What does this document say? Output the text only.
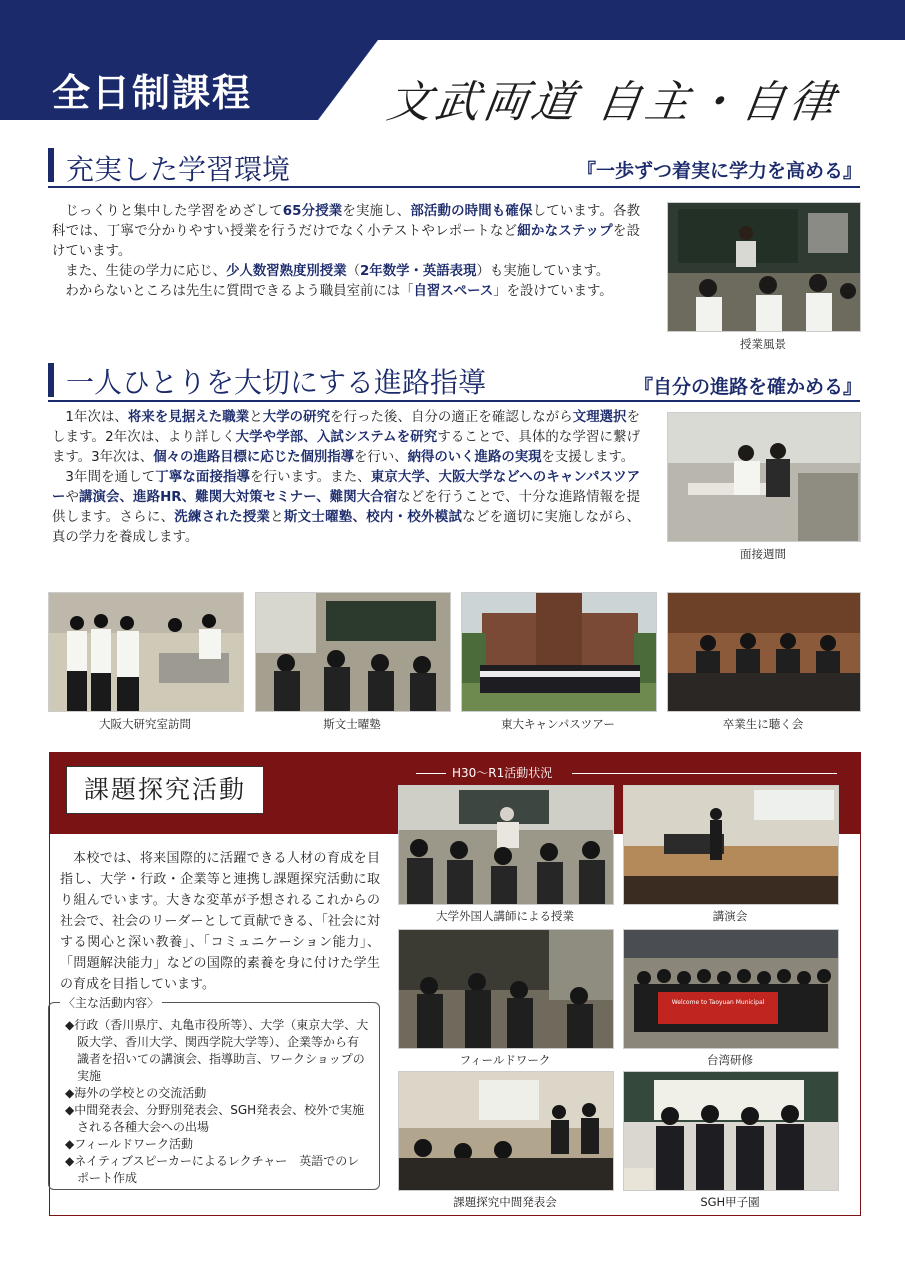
全日制課程	文武両道 自主・自律
充実した学習環境	『一歩ずつ着実に学力を高める』

じっくりと集中した学習をめざして65分授業を実施し、部活動の時間も確保しています。各教科では、丁寧で分かりやすい授業を行うだけでなく小テストやレポートなど細かなステップを設けています。

また、生徒の学力に応じ、少人数習熟度別授業（2年数学・英語表現）も実施しています。

わからないところは先生に質問できるよう職員室前には「自習スペース」を設けています。

授業風景
一人ひとりを大切にする進路指導	『自分の進路を確かめる』

1年次は、将来を見据えた職業と大学の研究を行った後、自分の適正を確認しながら文理選択をします。2年次は、より詳しく大学や学部、入試システムを研究することで、具体的な学習に繋げます。3年次は、個々の進路目標に応じた個別指導を行い、納得のいく進路の実現を支援します。

3年間を通して丁寧な面接指導を行います。また、東京大学、大阪大学などへのキャンパスツアーや講演会、進路HR、難関大対策セミナー、難関大合宿などを行うことで、十分な進路情報を提供します。さらに、洗練された授業と斯文士曜塾、校内・校外模試などを適切に実施しながら、真の学力を養成します。

面接週間
大阪大研究室訪問	斯文士曜塾	東大キャンパスツアー	卒業生に聴く会
課題探究活動
H30～R1活動状況

本校では、将来国際的に活躍できる人材の育成を目指し、大学・行政・企業等と連携し課題探究活動に取り組んでいます。大きな変革が予想されるこれからの社会で、社会のリーダーとして貢献できる、「社会に対する関心と深い教養」、「コミュニケーション能力」、「問題解決能力」などの国際的素養を身に付けた学生の育成を目指しています。

◆行政（香川県庁、丸亀市役所等）、大学（東京大学、大阪大学、香川大学、関西学院大学等）、企業等から有識者を招いての講演会、指導助言、ワークショップの実施
◆海外の学校との交流活動
◆中間発表会、分野別発表会、SGH発表会、校外で実施される各種大会への出場
◆フィールドワーク活動
◆ネイティブスピーカーによるレクチャー　英語でのレポート作成
〈主な活動内容〉
大学外国人講師による授業	講演会
フィールドワーク
Welcome to Taoyuan Municipal
台湾研修
課題探究中間発表会	SGH甲子園
